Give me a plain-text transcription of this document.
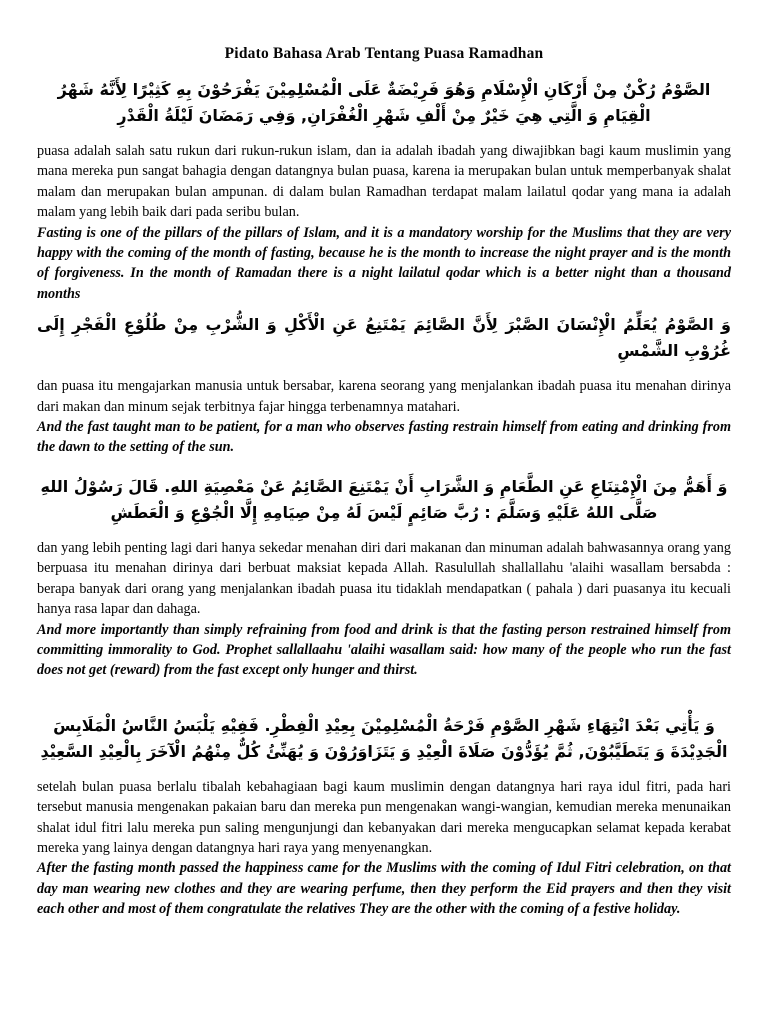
Pidato Bahasa Arab Tentang Puasa Ramadhan

الصَّوْمُ رُكْنٌ مِنْ أَرْكَانِ الْإِسْلَامِ وَهُوَ فَرِيْضَةٌ عَلَى الْمُسْلِمِيْنَ يَفْرَحُوْنَ بِهِ كَثِيْرًا لِأَنَّهُ شَهْرُ الْقِيَامِ وَ الَّتِي هِيَ خَيْرٌ مِنْ أَلْفِ شَهْرِ الْغُفْرَانِ, وَفِي رَمَضَانَ لَيْلَةُ الْقَدْرِ

puasa adalah salah satu rukun dari rukun-rukun islam, dan ia adalah ibadah yang diwajibkan bagi kaum muslimin yang mana mereka pun sangat bahagia dengan datangnya bulan puasa, karena ia merupakan bulan untuk memperbanyak shalat malam dan merupakan bulan ampunan. di dalam bulan Ramadhan terdapat malam lailatul qodar yang mana ia adalah malam yang lebih baik dari pada seribu bulan.

Fasting is one of the pillars of the pillars of Islam, and it is a mandatory worship for the Muslims that they are very happy with the coming of the month of fasting, because he is the month to increase the night prayer and is the month of forgiveness. In the month of Ramadan there is a night lailatul qodar which is a better night than a thousand months

وَ الصَّوْمُ يُعَلِّمُ الْإِنْسَانَ الصَّبْرَ لِأَنَّ الصَّائِمَ يَمْتَنِعُ عَنِ الْأَكْلِ وَ الشُّرْبِ مِنْ طُلُوْعِ الْفَجْرِ إِلَى غُرُوْبِ الشَّمْسِ

dan puasa itu mengajarkan manusia untuk bersabar, karena seorang yang menjalankan ibadah puasa itu menahan dirinya dari makan dan minum sejak terbitnya fajar hingga terbenamnya matahari.

And the fast taught man to be patient, for a man who observes fasting restrain himself from eating and drinking from the dawn to the setting of the sun.

وَ أَهَمُّ مِنَ الْإِمْتِنَاعِ عَنِ الطَّعَامِ وَ الشَّرَابِ أَنْ يَمْتَنِعَ الصَّائِمُ عَنْ مَعْصِيَةِ اللهِ. قَالَ رَسُوْلُ اللهِ صَلَّى اللهُ عَلَيْهِ وَسَلَّمَ : رُبَّ صَائِمٍ لَيْسَ لَهُ مِنْ صِيَامِهِ إِلَّا الْجُوْعِ وَ الْعَطَشِ

dan yang lebih penting lagi dari hanya sekedar menahan diri dari makanan dan minuman adalah bahwasannya orang yang berpuasa itu menahan dirinya dari berbuat maksiat kepada Allah. Rasulullah shallallahu 'alaihi wasallam bersabda : berapa banyak dari orang yang menjalankan ibadah puasa itu tidaklah mendapatkan ( pahala ) dari puasanya itu kecuali hanya rasa lapar dan dahaga.

And more importantly than simply refraining from food and drink is that the fasting person restrained himself from committing immorality to God. Prophet sallallaahu 'alaihi wasallam said: how many of the people who run the fast does not get (reward) from the fast except only hunger and thirst.

وَ يَأْتِي بَعْدَ انْتِهَاءِ شَهْرِ الصَّوْمِ فَرْحَةُ الْمُسْلِمِيْنَ بِعِيْدِ الْفِطْرِ. فَفِيْهِ يَلْبَسُ النَّاسُ الْمَلَابِسَ الْجَدِيْدَةَ وَ يَتَطَيَّبُوْنَ, ثُمَّ يُؤَدُّوْنَ صَلَاةَ الْعِيْدِ وَ يَتَزَاوَرُوْنَ وَ يُهَنِّئُ كُلٌّ مِنْهُمُ الْآخَرَ بِالْعِيْدِ السَّعِيْدِ

setelah bulan puasa berlalu tibalah kebahagiaan bagi kaum muslimin dengan datangnya hari raya idul fitri, pada hari tersebut manusia mengenakan pakaian baru dan mereka pun mengenakan wangi-wangian, kemudian mereka menunaikan shalat idul fitri lalu mereka pun saling mengunjungi dan kebanyakan dari mereka mengucapkan selamat kepada kerabat mereka yang lainya dengan datangnya hari raya yang menyenangkan.

After the fasting month passed the happiness came for the Muslims with the coming of Idul Fitri celebration, on that day man wearing new clothes and they are wearing perfume, then they perform the Eid prayers and then they visit each other and most of them congratulate the relatives They are the other with the coming of a festive holiday.
